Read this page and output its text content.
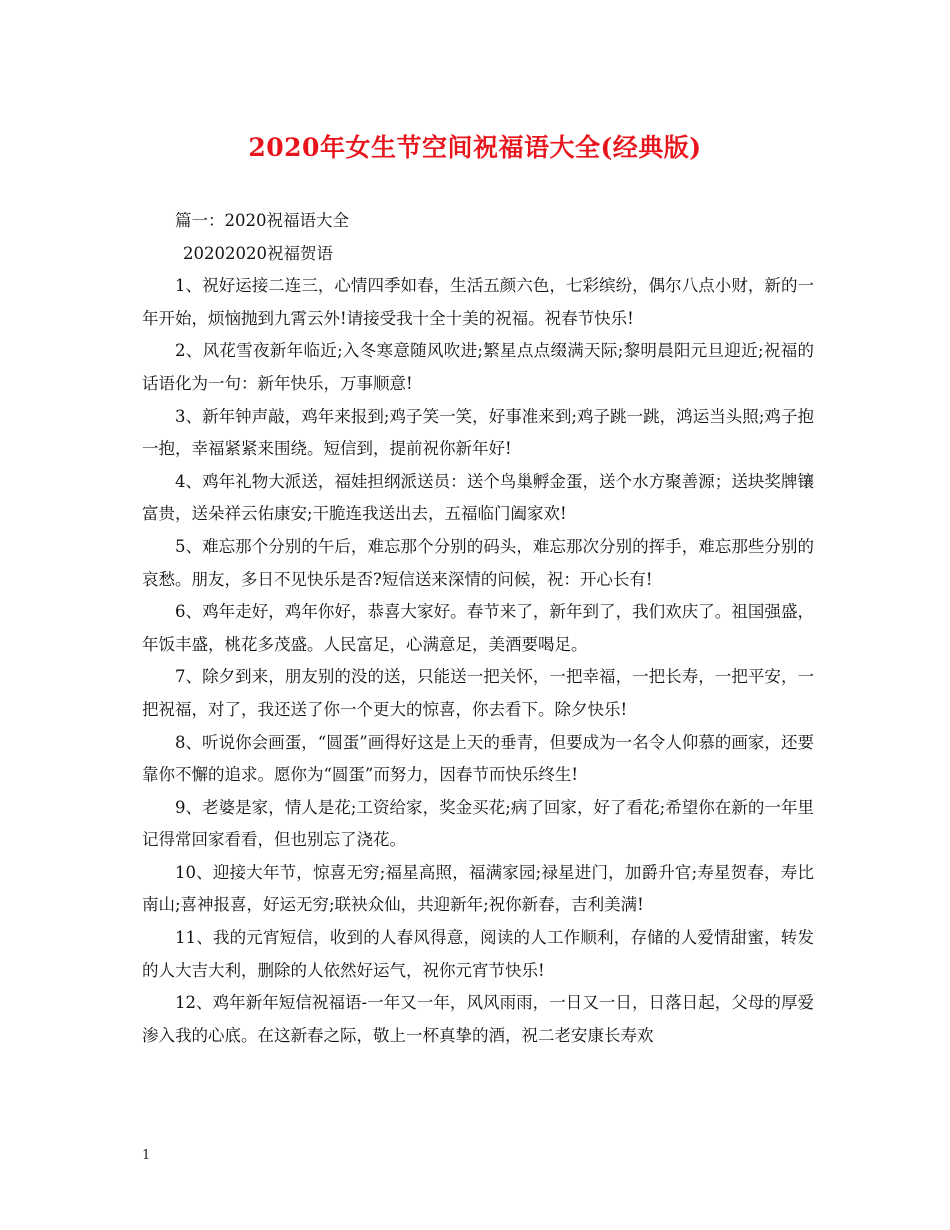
2020年女生节空间祝福语大全(经典版)

篇一：2020祝福语大全

20202020祝福贺语

1、祝好运接二连三，心情四季如春，生活五颜六色，七彩缤纷，偶尔八点小财，新的一年开始，烦恼抛到九霄云外!请接受我十全十美的祝福。祝春节快乐!

2、风花雪夜新年临近;入冬寒意随风吹进;繁星点点缀满天际;黎明晨阳元旦迎近;祝福的话语化为一句：新年快乐，万事顺意!

3、新年钟声敲，鸡年来报到;鸡子笑一笑，好事准来到;鸡子跳一跳，鸿运当头照;鸡子抱一抱，幸福紧紧来围绕。短信到，提前祝你新年好!

4、鸡年礼物大派送，福娃担纲派送员：送个鸟巢孵金蛋，送个水方聚善源；送块奖牌镶富贵，送朵祥云佑康安;干脆连我送出去，五福临门阖家欢!

5、难忘那个分别的午后，难忘那个分别的码头，难忘那次分别的挥手，难忘那些分别的哀愁。朋友，多日不见快乐是否?短信送来深情的问候，祝：开心长有!

6、鸡年走好，鸡年你好，恭喜大家好。春节来了，新年到了，我们欢庆了。祖国强盛，年饭丰盛，桃花多茂盛。人民富足，心满意足，美酒要喝足。

7、除夕到来，朋友别的没的送，只能送一把关怀，一把幸福，一把长寿，一把平安，一把祝福，对了，我还送了你一个更大的惊喜，你去看下。除夕快乐!

8、听说你会画蛋，“圆蛋”画得好这是上天的垂青，但要成为一名令人仰慕的画家，还要靠你不懈的追求。愿你为“圆蛋”而努力，因春节而快乐终生!

9、老婆是家，情人是花;工资给家，奖金买花;病了回家，好了看花;希望你在新的一年里记得常回家看看，但也别忘了浇花。

10、迎接大年节，惊喜无穷;福星高照，福满家园;禄星进门，加爵升官;寿星贺春，寿比南山;喜神报喜，好运无穷;联袂众仙，共迎新年;祝你新春，吉利美满!

11、我的元宵短信，收到的人春风得意，阅读的人工作顺利，存储的人爱情甜蜜，转发的人大吉大利，删除的人依然好运气，祝你元宵节快乐!

12、鸡年新年短信祝福语-一年又一年，风风雨雨，一日又一日，日落日起，父母的厚爱渗入我的心底。在这新春之际，敬上一杯真挚的酒，祝二老安康长寿欢

1
